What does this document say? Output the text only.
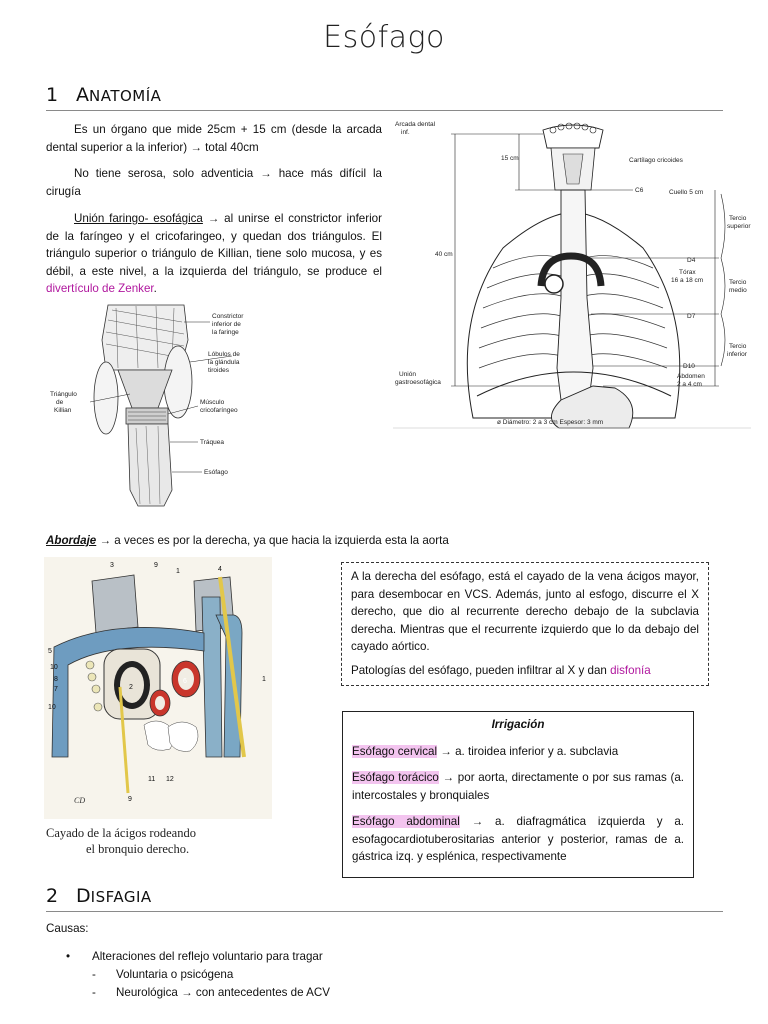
Esófago
1 ANATOMÍA
Es un órgano que mide 25cm + 15 cm (desde la arcada dental superior a la inferior) → total 40cm
No tiene serosa, solo adventicia → hace más difícil la cirugía
Unión faringo- esofágica → al unirse el constrictor inferior de la faríngeo y el cricofaringeo, y quedan dos triángulos. El triángulo superior o triángulo de Killian, tiene solo mucosa, y es débil, a este nivel, a la izquierda del triángulo, se produce el divertículo de Zenker.
Constrictor
inferior de
la faringe
Lóbulos de
la glándula
tiroides
Triángulo
de
Killian
Músculo
cricofaríngeo
Tráquea
Esófago
Arcada dental
inf.
15 cm
40 cm
Cartílago cricoides
C6	Cuello 5 cm
Tercio
superior
D4
Tórax
16 a 18 cm	Tercio
medio
D7
Tercio
inferior
D10
Abdomen
2 a 4 cm
Unión
gastroesofágica
ø Diámetro: 2 a 3 cm Espesor: 3 mm
Abordaje → a veces es por la derecha, ya que hacia la izquierda esta la aorta
3	9
1	4
5
10
8
7
6
2
10
11 12
9
1
CD
Cayado de la ácigos rodeando
el bronquio derecho.
A la derecha del esófago, está el cayado de la vena ácigos mayor, para desembocar en VCS. Además, junto al esfogo, discurre el X derecho, que dio al recurrente derecho debajo de la subclavia derecha. Mientras que el recurrente izquierdo que lo da debajo del cayado aórtico.
Patologías del esófago, pueden infiltrar al X y dan disfonía
Irrigación
Esófago cervical → a. tiroidea inferior y a. subclavia
Esófago torácico → por aorta, directamente o por sus ramas (a. intercostales y bronquiales
Esófago abdominal → a. diafragmática izquierda y a. esofagocardiotuberositarias anterior y posterior, ramas de a. gástrica izq. y esplénica, respectivamente
2 DISFAGIA
Causas:
• Alteraciones del reflejo voluntario para tragar
- Voluntaria o psicógena
- Neurológica → con antecedentes de ACV
